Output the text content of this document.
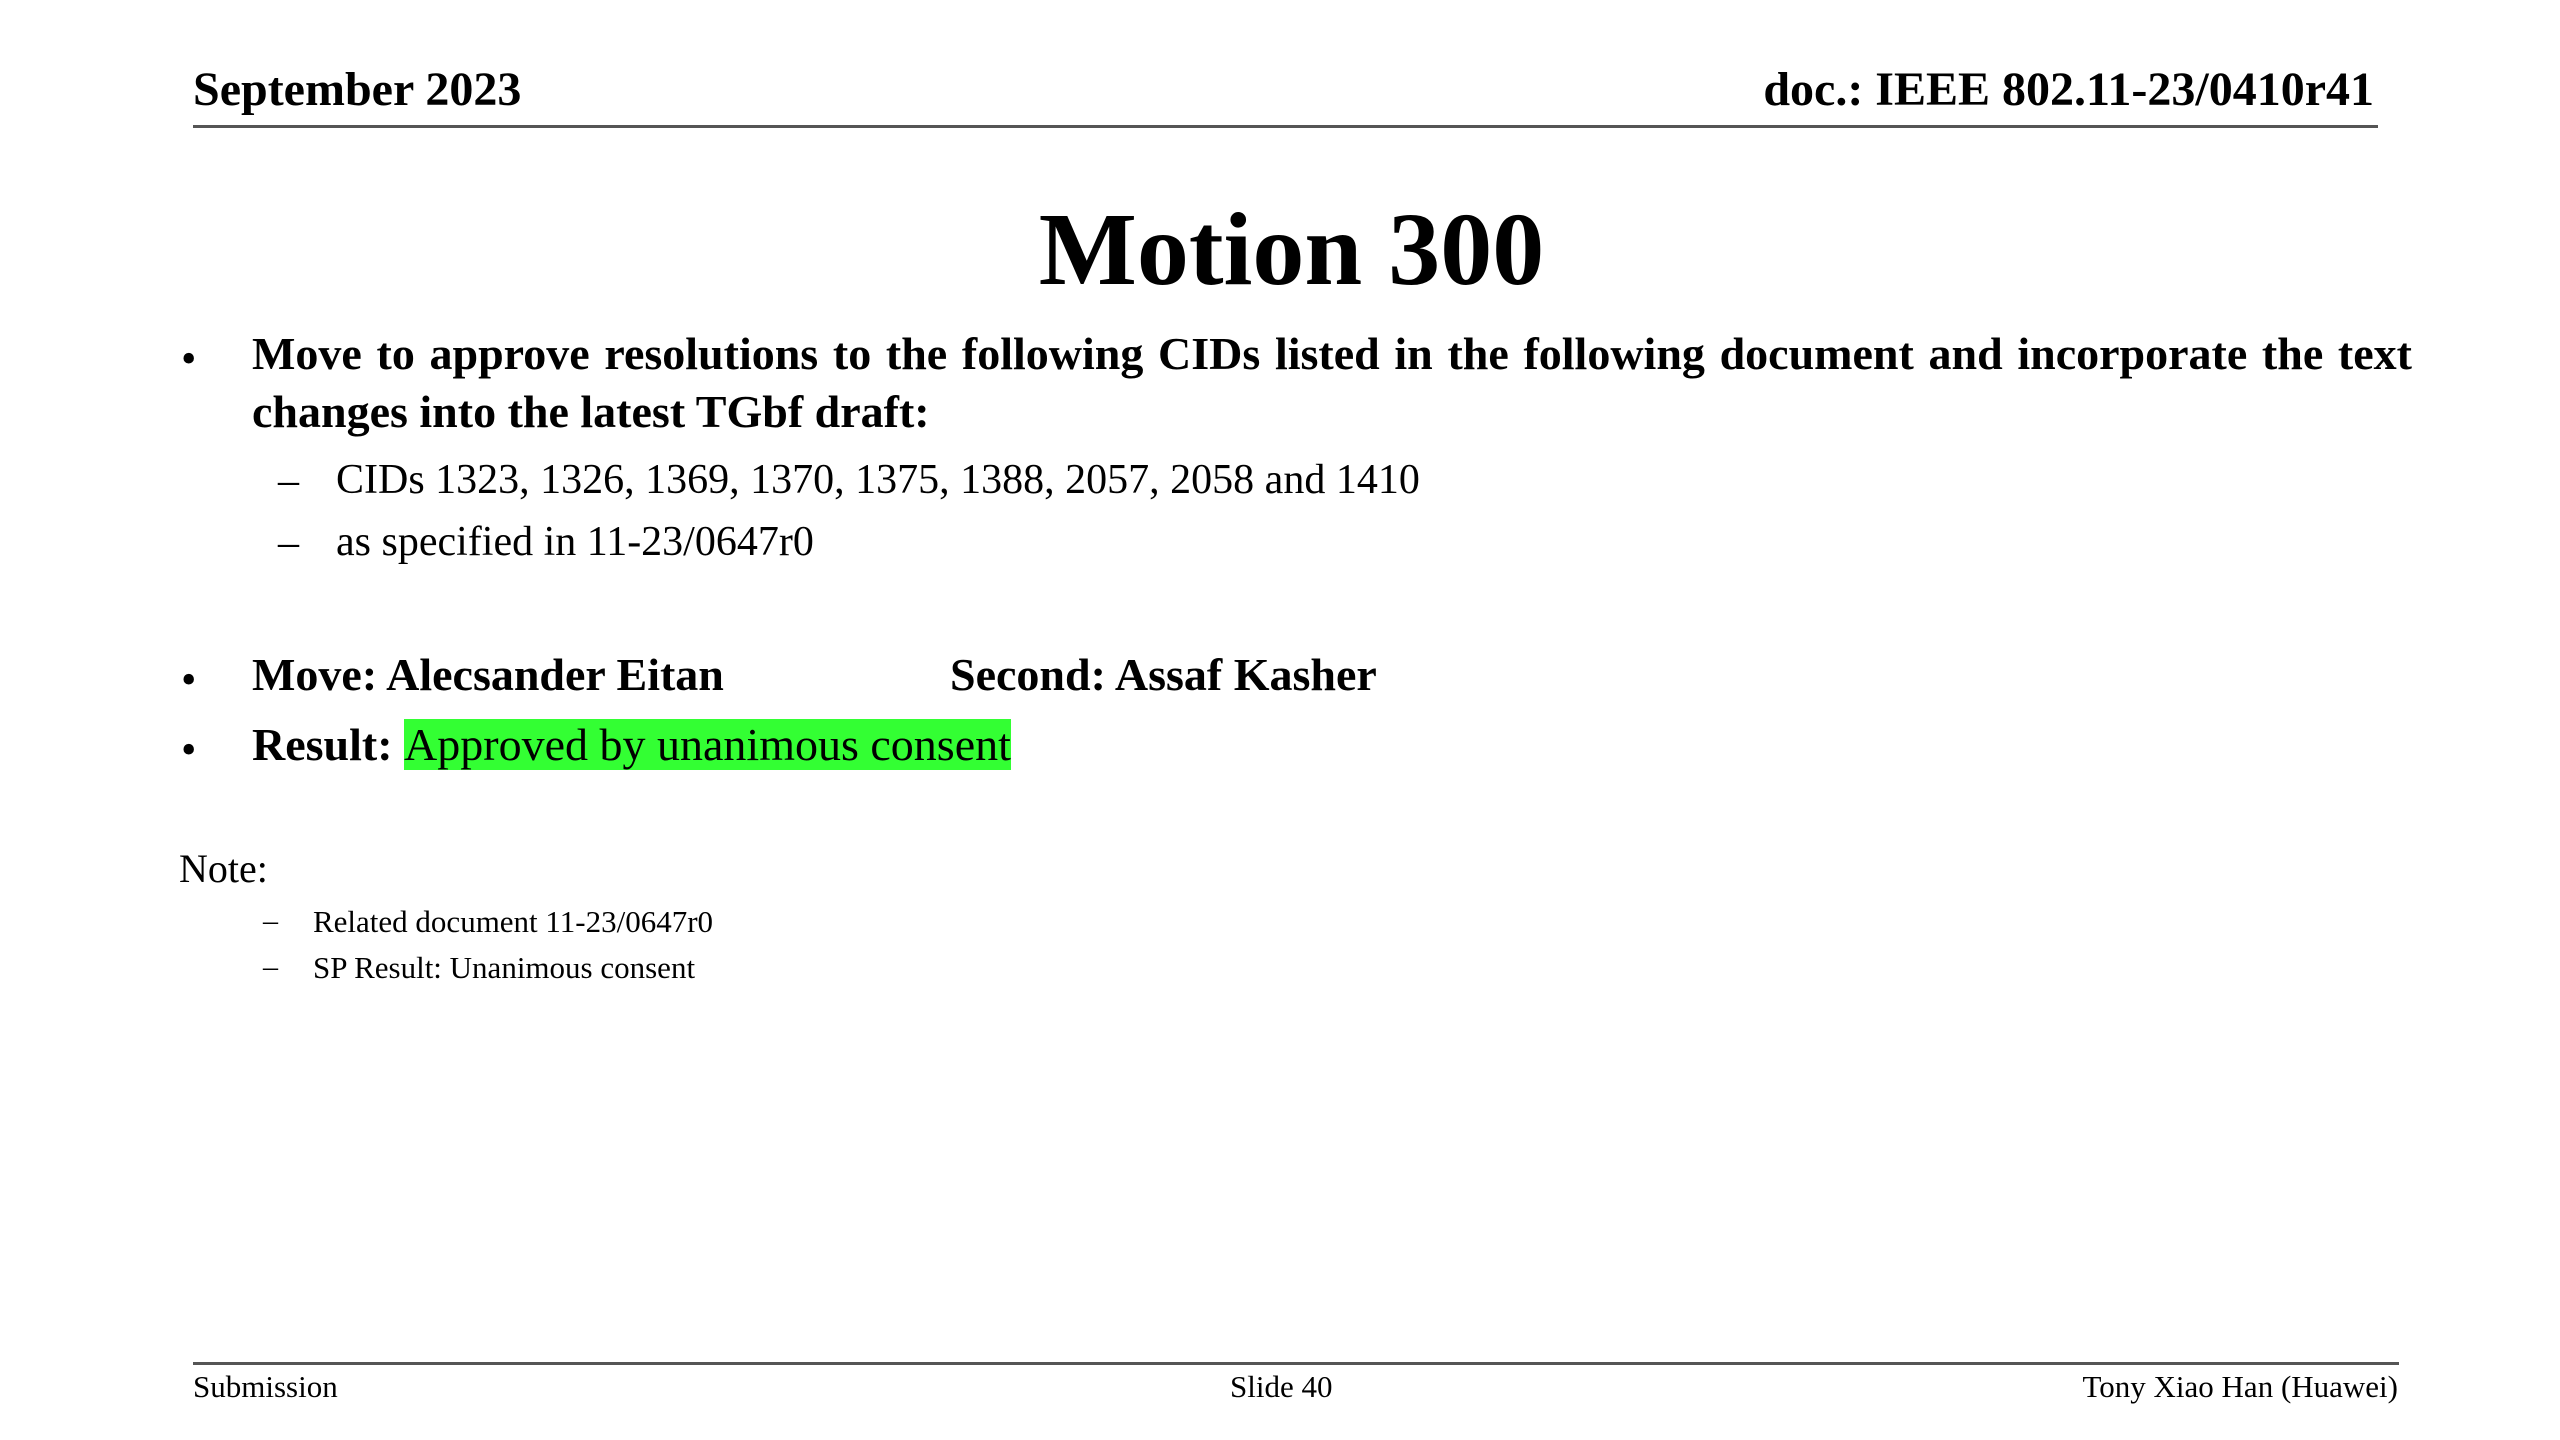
September 2023	doc.: IEEE 802.11-23/0410r41
Motion 300
• Move to approve resolutions to the following CIDs listed in the following document and incorporate the text changes into the latest TGbf draft:
– CIDs 1323, 1326, 1369, 1370, 1375, 1388, 2057, 2058 and 1410
– as specified in 11-23/0647r0
• Move: Alecsander Eitan	Second: Assaf Kasher
• Result: Approved by unanimous consent
Note:
– Related document 11-23/0647r0
– SP Result: Unanimous consent
Submission	Slide 40	Tony Xiao Han (Huawei)
